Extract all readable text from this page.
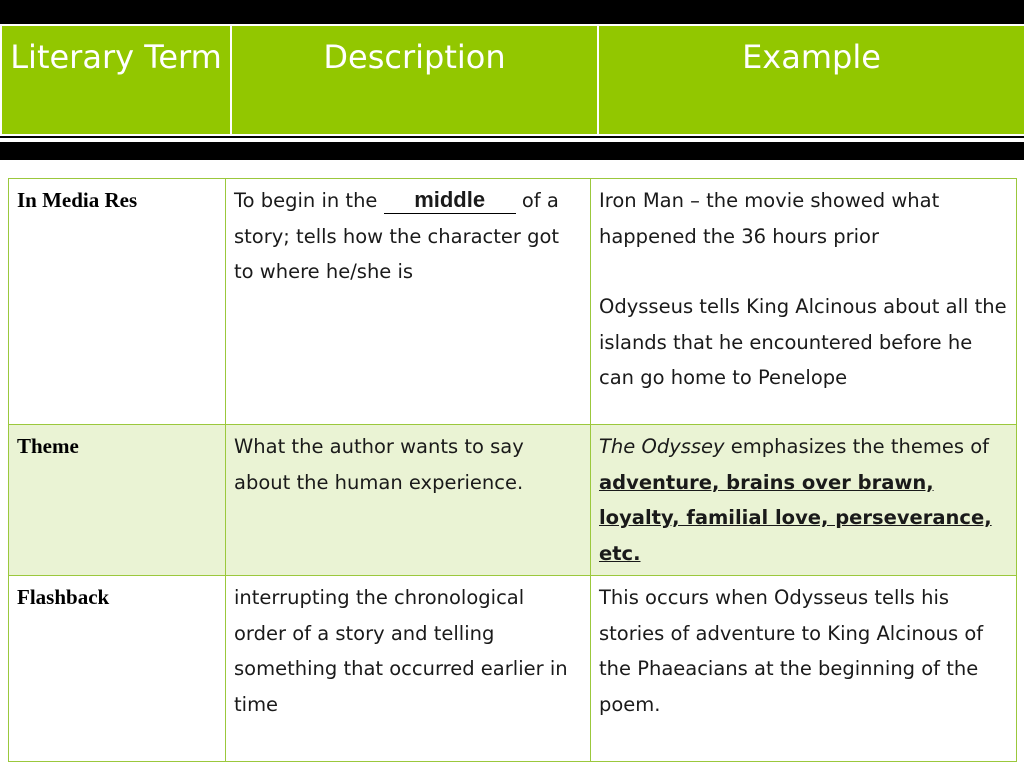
Literary Term	Description	Example
In Media Res	To begin in the middle of a story; tells how the character got to where he/she is	Iron Man – the movie showed what happened the 36 hours prior
Odysseus tells King Alcinous about all the islands that he encountered before he can go home to Penelope
Theme	What the author wants to say about the human experience.	The Odyssey emphasizes the themes of adventure, brains over brawn, loyalty, familial love, perseverance, etc.
Flashback	interrupting the chronological order of a story and telling something that occurred earlier in time	This occurs when Odysseus tells his stories of adventure to King Alcinous of the Phaeacians at the beginning of the poem.
